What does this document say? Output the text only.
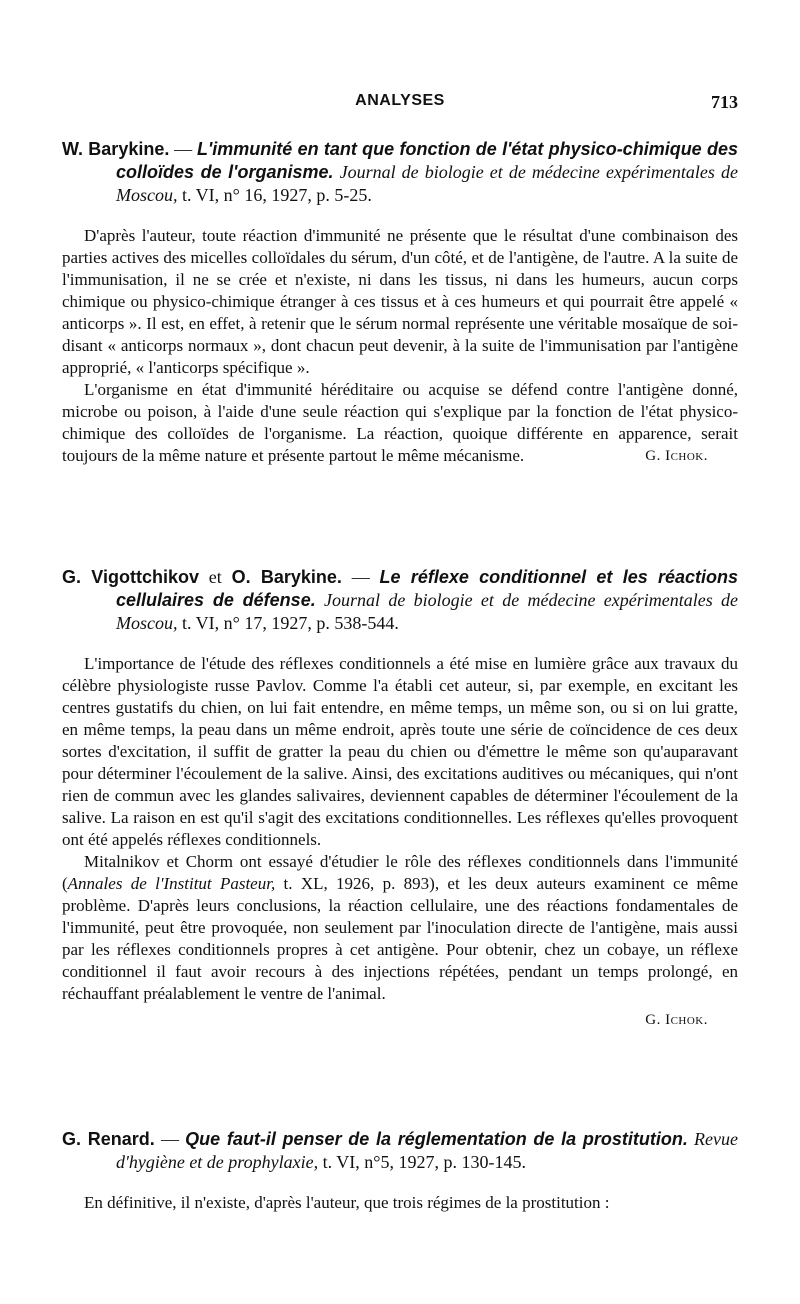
ANALYSES	713

W. Barykine. — L'immunité en tant que fonction de l'état physico-chimique des colloïdes de l'organisme. Journal de biologie et de médecine expérimentales de Moscou, t. VI, n° 16, 1927, p. 5-25.

D'après l'auteur, toute réaction d'immunité ne présente que le résultat d'une combinaison des parties actives des micelles colloïdales du sérum, d'un côté, et de l'antigène, de l'autre. A la suite de l'immunisation, il ne se crée et n'existe, ni dans les tissus, ni dans les humeurs, aucun corps chimique ou physico-chimique étranger à ces tissus et à ces humeurs et qui pourrait être appelé « anticorps ». Il est, en effet, à retenir que le sérum normal représente une véritable mosaïque de soi-disant « anticorps normaux », dont chacun peut devenir, à la suite de l'immunisation par l'antigène approprié, « l'anticorps spécifique ».

L'organisme en état d'immunité héréditaire ou acquise se défend contre l'antigène donné, microbe ou poison, à l'aide d'une seule réaction qui s'explique par la fonction de l'état physico-chimique des colloïdes de l'organisme. La réaction, quoique différente en apparence, serait toujours de la même nature et présente partout le même mécanisme.	G. Ichok.

G. Vigottchikov et O. Barykine. — Le réflexe conditionnel et les réactions cellulaires de défense. Journal de biologie et de médecine expérimentales de Moscou, t. VI, n° 17, 1927, p. 538-544.

L'importance de l'étude des réflexes conditionnels a été mise en lumière grâce aux travaux du célèbre physiologiste russe Pavlov. Comme l'a établi cet auteur, si, par exemple, en excitant les centres gustatifs du chien, on lui fait entendre, en même temps, un même son, ou si on lui gratte, en même temps, la peau dans un même endroit, après toute une série de coïncidence de ces deux sortes d'excitation, il suffit de gratter la peau du chien ou d'émettre le même son qu'auparavant pour déterminer l'écoulement de la salive. Ainsi, des excitations auditives ou mécaniques, qui n'ont rien de commun avec les glandes salivaires, deviennent capables de déterminer l'écoulement de la salive. La raison en est qu'il s'agit des excitations conditionnelles. Les réflexes qu'elles provoquent ont été appelés réflexes conditionnels.

Mitalnikov et Chorm ont essayé d'étudier le rôle des réflexes conditionnels dans l'immunité (Annales de l'Institut Pasteur, t. XL, 1926, p. 893), et les deux auteurs examinent ce même problème. D'après leurs conclusions, la réaction cellulaire, une des réactions fondamentales de l'immunité, peut être provoquée, non seulement par l'inoculation directe de l'antigène, mais aussi par les réflexes conditionnels propres à cet antigène. Pour obtenir, chez un cobaye, un réflexe conditionnel il faut avoir recours à des injections répétées, pendant un temps prolongé, en réchauffant préalablement le ventre de l'animal.

G. Ichok.

G. Renard. — Que faut-il penser de la réglementation de la prostitution. Revue d'hygiène et de prophylaxie, t. VI, n°5, 1927, p. 130-145.

En définitive, il n'existe, d'après l'auteur, que trois régimes de la prostitution :
